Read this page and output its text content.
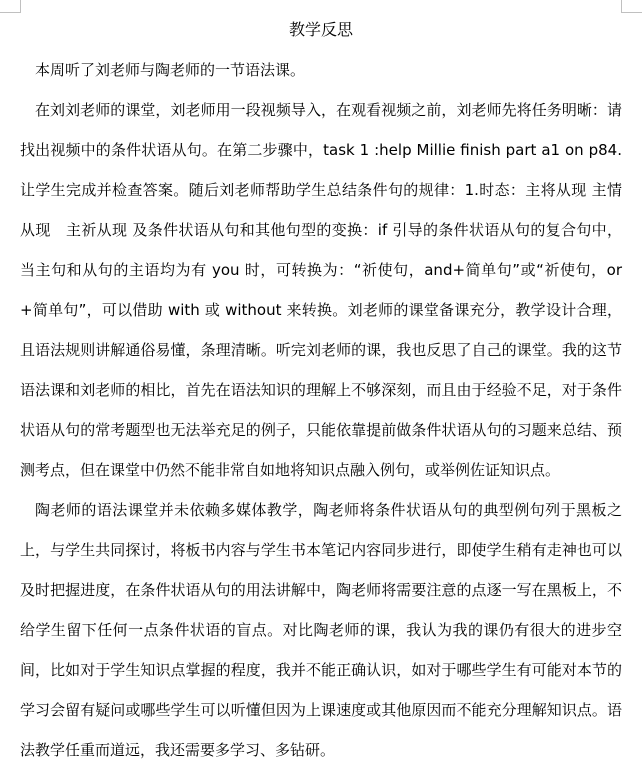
教学反思

本周听了刘老师与陶老师的一节语法课。

在刘刘老师的课堂，刘老师用一段视频导入，在观看视频之前，刘老师先将任务明晰：请找出视频中的条件状语从句。在第二步骤中，task 1 :help Millie finish part a1 on p84.让学生完成并检查答案。随后刘老师帮助学生总结条件句的规律：1.时态：主将从现 主情从现　主祈从现 及条件状语从句和其他句型的变换：if 引导的条件状语从句的复合句中，当主句和从句的主语均为有 you 时，可转换为：“祈使句，and+简单句”或“祈使句，or+简单句”，可以借助 with 或 without 来转换。刘老师的课堂备课充分，教学设计合理，且语法规则讲解通俗易懂，条理清晰。听完刘老师的课，我也反思了自己的课堂。我的这节语法课和刘老师的相比，首先在语法知识的理解上不够深刻，而且由于经验不足，对于条件状语从句的常考题型也无法举充足的例子，只能依靠提前做条件状语从句的习题来总结、预测考点，但在课堂中仍然不能非常自如地将知识点融入例句，或举例佐证知识点。

陶老师的语法课堂并未依赖多媒体教学，陶老师将条件状语从句的典型例句列于黑板之上，与学生共同探讨，将板书内容与学生书本笔记内容同步进行，即使学生稍有走神也可以及时把握进度，在条件状语从句的用法讲解中，陶老师将需要注意的点逐一写在黑板上，不给学生留下任何一点条件状语的盲点。对比陶老师的课，我认为我的课仍有很大的进步空间，比如对于学生知识点掌握的程度，我并不能正确认识，如对于哪些学生有可能对本节的学习会留有疑问或哪些学生可以听懂但因为上课速度或其他原因而不能充分理解知识点。语法教学任重而道远，我还需要多学习、多钻研。
